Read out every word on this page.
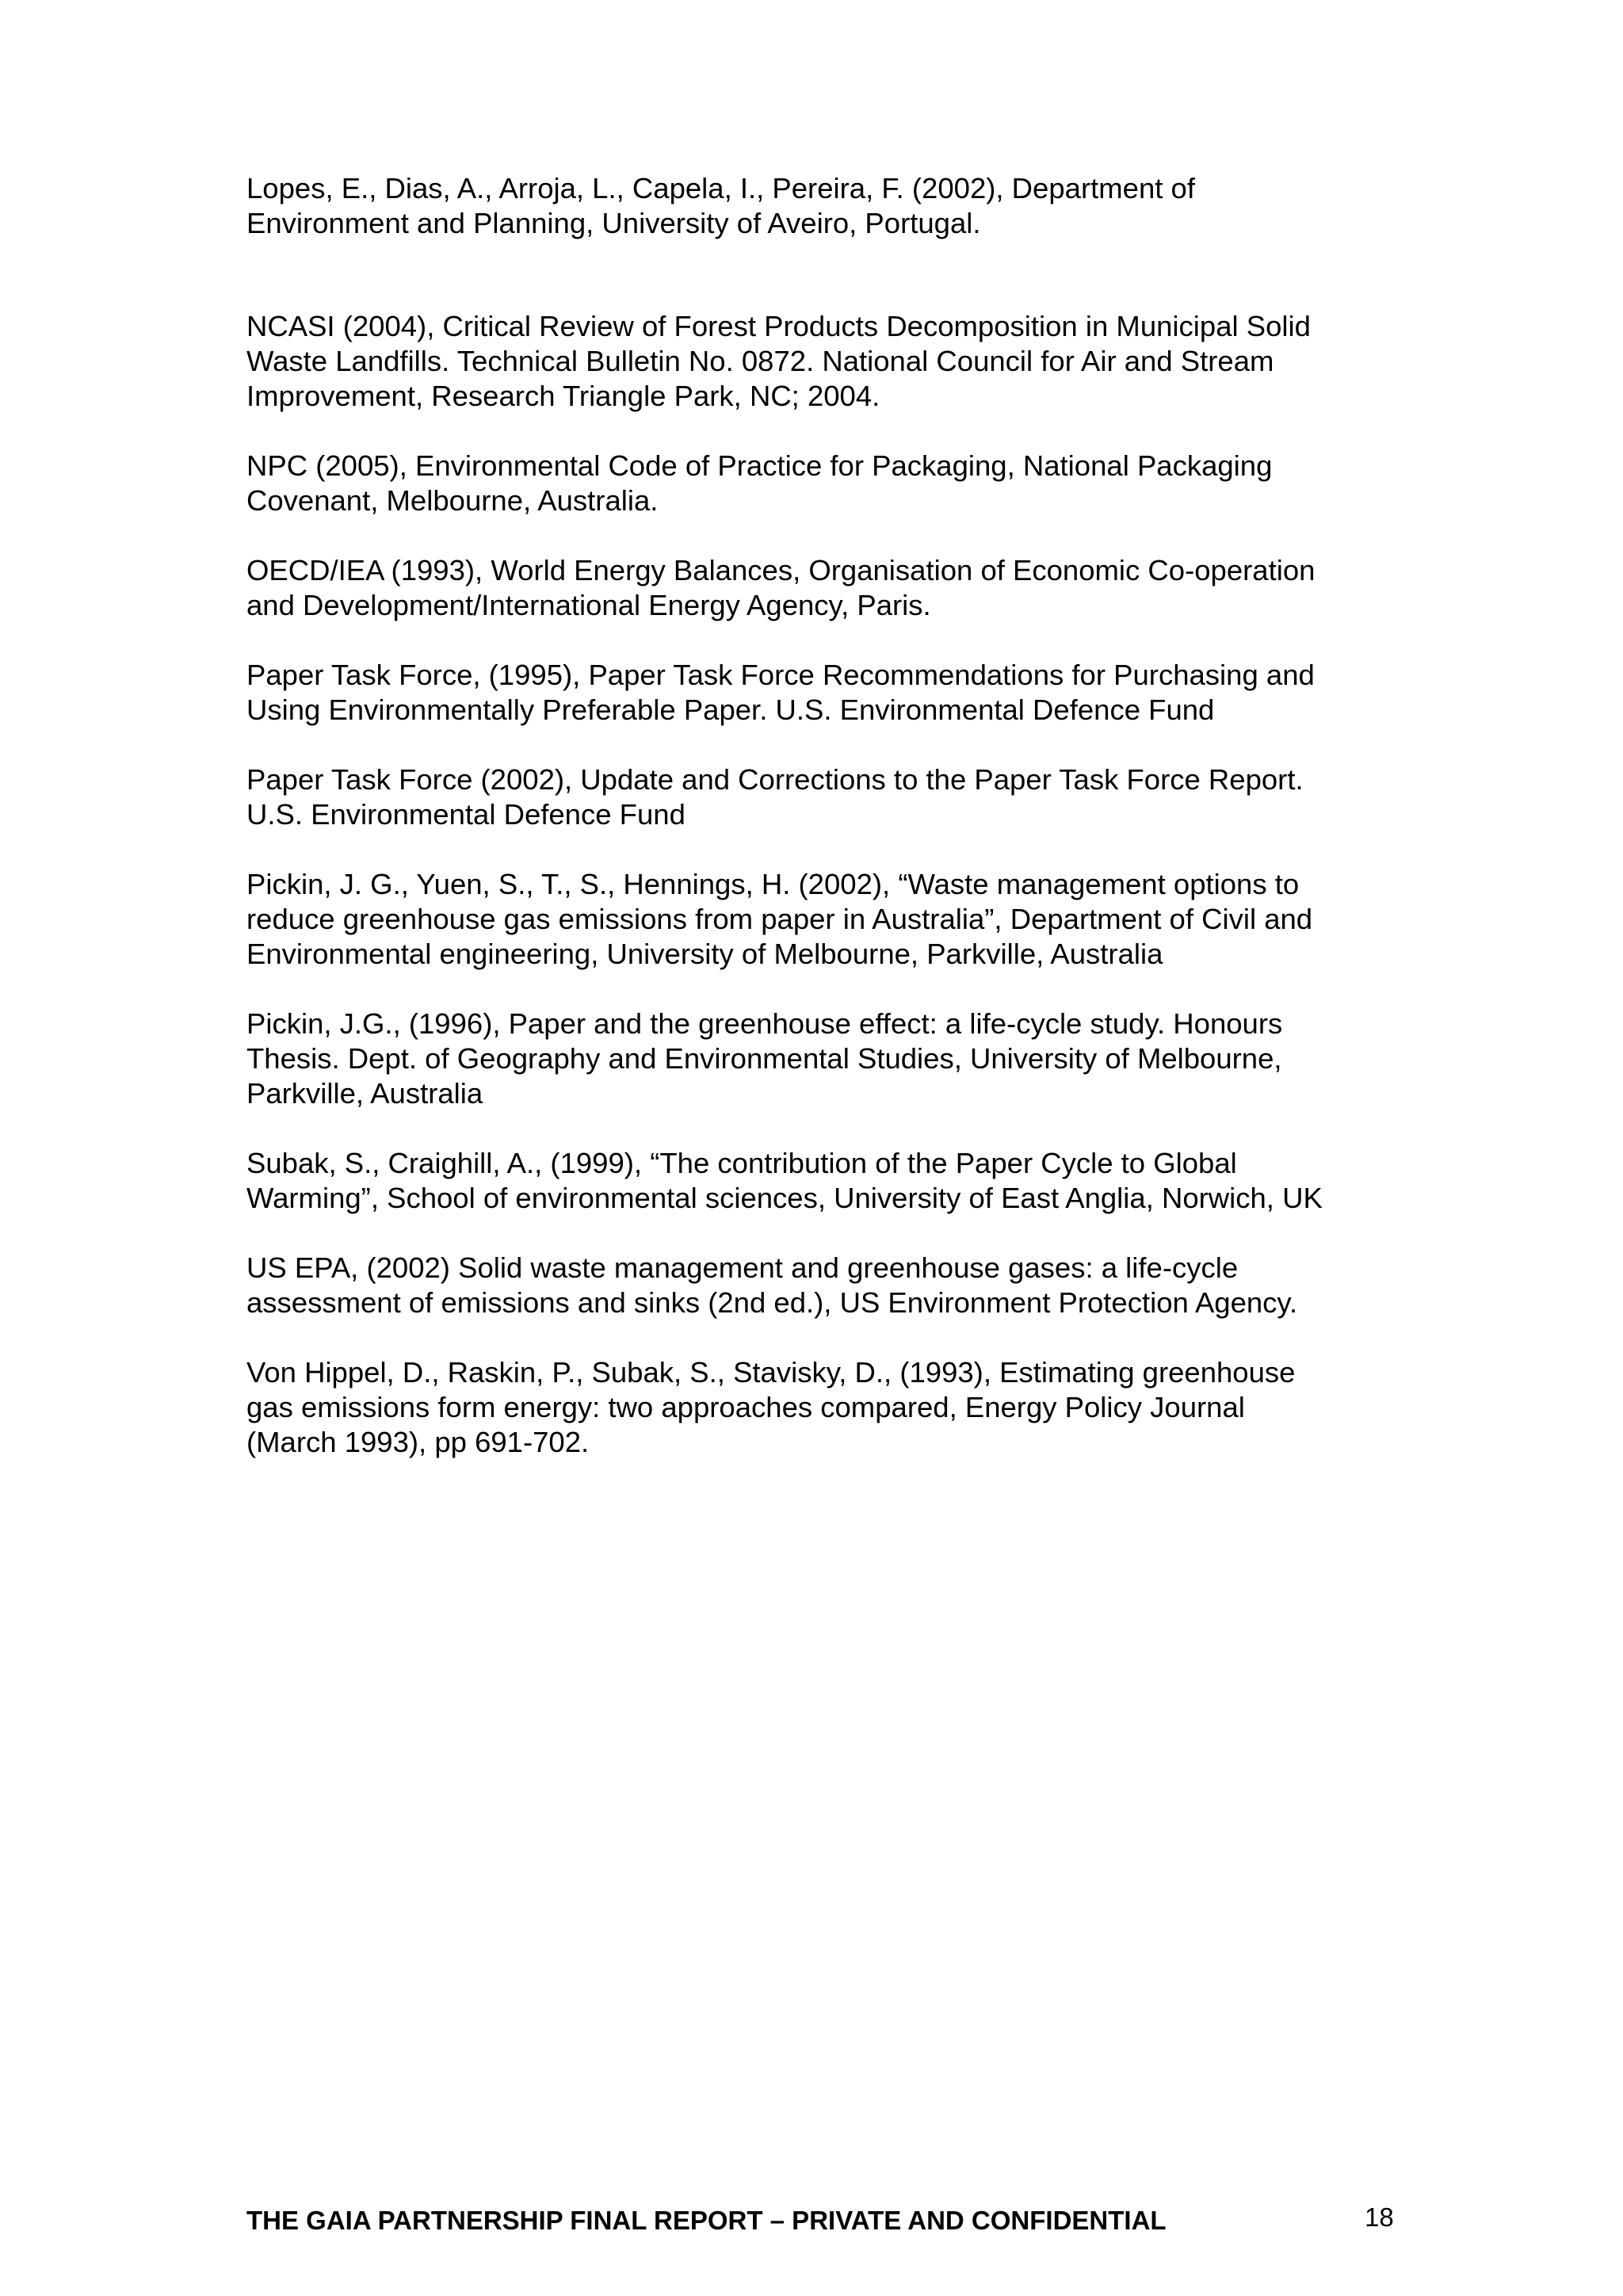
Lopes, E., Dias, A., Arroja, L., Capela, I., Pereira, F. (2002), Department of
Environment and Planning, University of Aveiro, Portugal.

NCASI (2004), Critical Review of Forest Products Decomposition in Municipal Solid
Waste Landfills. Technical Bulletin No. 0872. National Council for Air and Stream
Improvement, Research Triangle Park, NC; 2004.

NPC (2005), Environmental Code of Practice for Packaging, National Packaging
Covenant, Melbourne, Australia.

OECD/IEA (1993), World Energy Balances, Organisation of Economic Co-operation
and Development/International Energy Agency, Paris.

Paper Task Force, (1995), Paper Task Force Recommendations for Purchasing and
Using Environmentally Preferable Paper. U.S. Environmental Defence Fund

Paper Task Force (2002), Update and Corrections to the Paper Task Force Report.
U.S. Environmental Defence Fund

Pickin, J. G., Yuen, S., T., S., Hennings, H. (2002), “Waste management options to
reduce greenhouse gas emissions from paper in Australia”, Department of Civil and
Environmental engineering, University of Melbourne, Parkville, Australia

Pickin, J.G., (1996), Paper and the greenhouse effect: a life-cycle study. Honours
Thesis. Dept. of Geography and Environmental Studies, University of Melbourne,
Parkville, Australia

Subak, S., Craighill, A., (1999), “The contribution of the Paper Cycle to Global
Warming”, School of environmental sciences, University of East Anglia, Norwich, UK

US EPA, (2002) Solid waste management and greenhouse gases: a life-cycle
assessment of emissions and sinks (2nd ed.), US Environment Protection Agency.

Von Hippel, D., Raskin, P., Subak, S., Stavisky, D., (1993), Estimating greenhouse
gas emissions form energy: two approaches compared, Energy Policy Journal
(March 1993), pp 691-702.

THE GAIA PARTNERSHIP FINAL REPORT – PRIVATE AND CONFIDENTIAL	18
